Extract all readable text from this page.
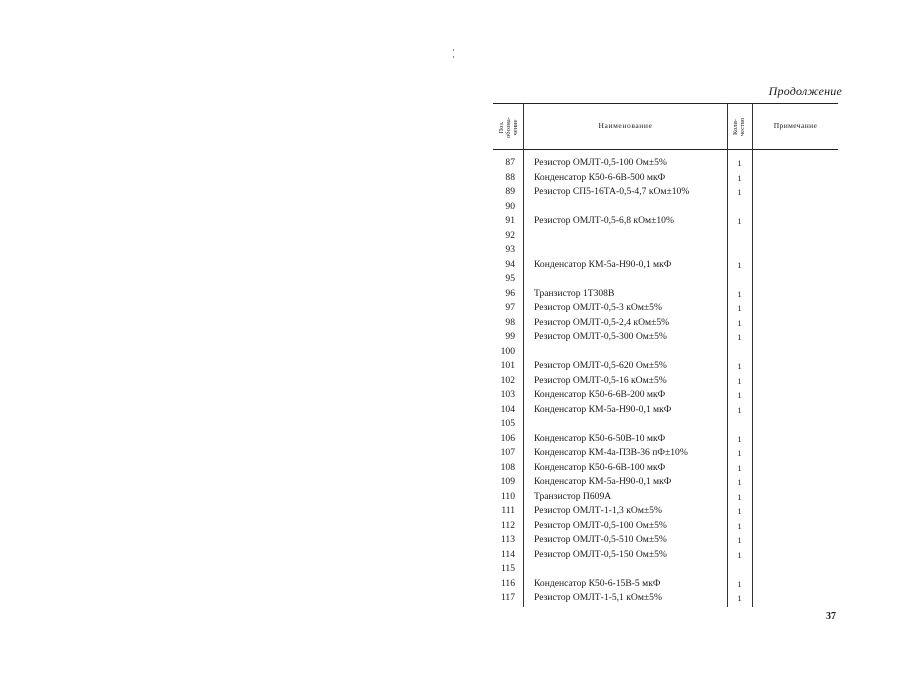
Продолжение
Поз.
обозна-
чение	Наименование	Коли-
чество	Примечание
87 Резистор ОМЛТ-0,5-100 Ом±5%	1
88 Конденсатор К50-6-6В-500 мкФ	1
89 Резистор СП5-16ТА-0,5-4,7 кОм±10%	1
90
91 Резистор ОМЛТ-0,5-6,8 кОм±10%	1
92
93
94 Конденсатор КМ-5а-Н90-0,1 мкФ	1
95
96 Транзистор 1Т308В	1
97 Резистор ОМЛТ-0,5-3 кОм±5%	1
98 Резистор ОМЛТ-0,5-2,4 кОм±5%	1
99 Резистор ОМЛТ-0,5-300 Ом±5%	1
100
101 Резистор ОМЛТ-0,5-620 Ом±5%	1
102 Резистор ОМЛТ-0,5-16 кОм±5%	1
103 Конденсатор К50-6-6В-200 мкФ	1
104 Конденсатор КМ-5а-Н90-0,1 мкФ	1
105
106 Конденсатор К50-6-50В-10 мкФ	1
107 Конденсатор КМ-4а-П3В-36 пФ±10%	1
108 Конденсатор К50-6-6В-100 мкФ	1
109 Конденсатор КМ-5а-Н90-0,1 мкФ	1
110 Транзистор П609А	1
111 Резистор ОМЛТ-1-1,3 кОм±5%	1
112 Резистор ОМЛТ-0,5-100 Ом±5%	1
113 Резистор ОМЛТ-0,5-510 Ом±5%	1
114 Резистор ОМЛТ-0,5-150 Ом±5%	1
115
116 Конденсатор К50-6-15В-5 мкФ	1
117 Резистор ОМЛТ-1-5,1 кОм±5%	1
37
